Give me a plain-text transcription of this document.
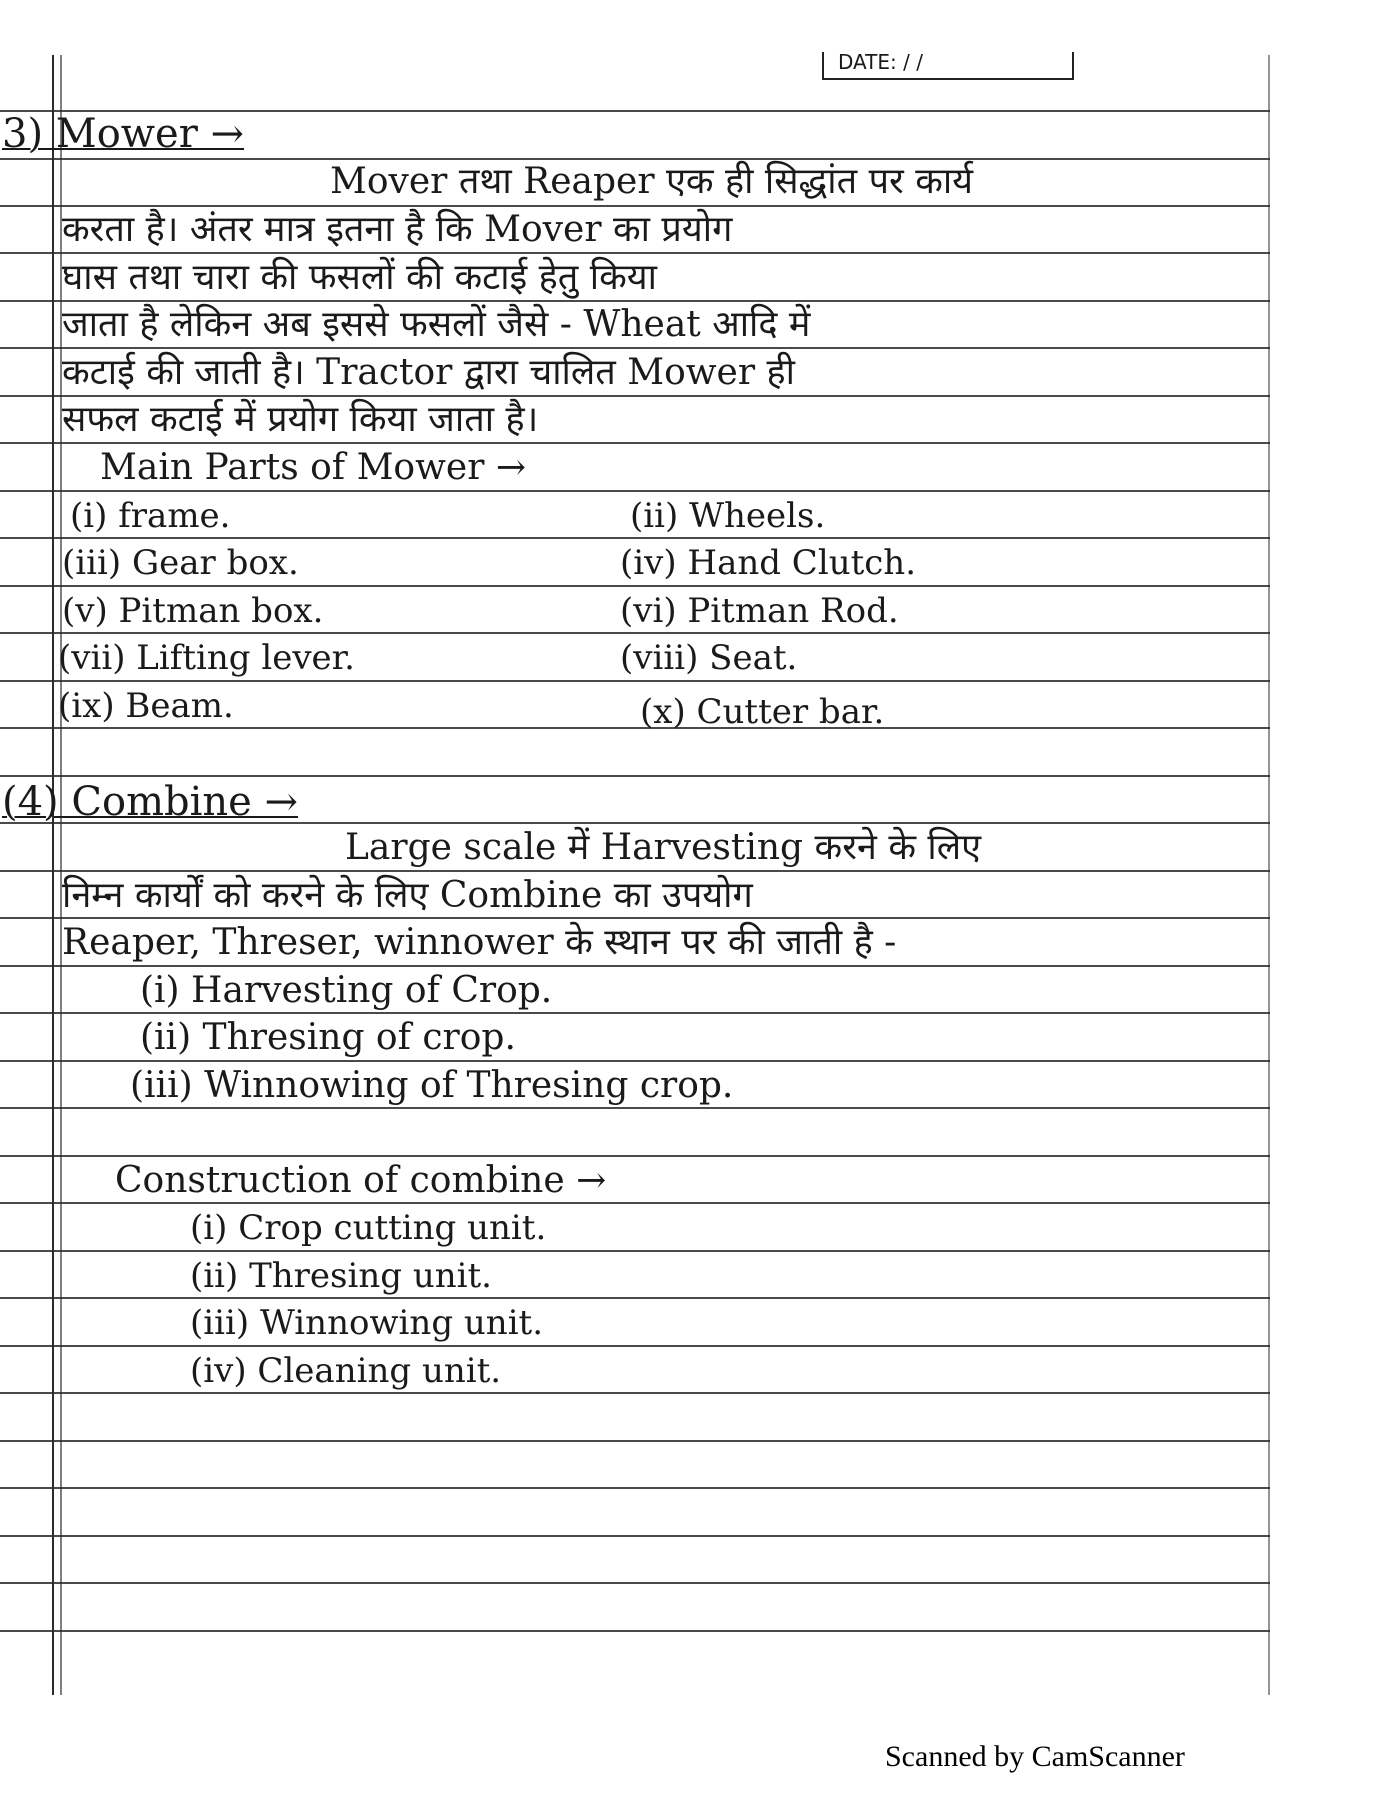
DATE: / /
3) Mower →
Mover तथा Reaper एक ही सिद्धांत पर कार्य
करता है। अंतर मात्र इतना है कि Mover का प्रयोग
घास तथा चारा की फसलों की कटाई हेतु किया
जाता है लेकिन अब इससे फसलों जैसे - Wheat आदि में
कटाई की जाती है। Tractor द्वारा चालित Mower ही
सफल कटाई में प्रयोग किया जाता है।
Main Parts of Mower →
(i) frame.	(ii) Wheels.
(iii) Gear box.	(iv) Hand Clutch.
(v) Pitman box.	(vi) Pitman Rod.
(vii) Lifting lever.	(viii) Seat.
(ix) Beam.	(x) Cutter bar.
(4) Combine →
Large scale में Harvesting करने के लिए
निम्न कार्यों को करने के लिए Combine का उपयोग
Reaper, Threser, winnower के स्थान पर की जाती है -
(i) Harvesting of Crop.
(ii) Thresing of crop.
(iii) Winnowing of Thresing crop.
Construction of combine →
(i) Crop cutting unit.
(ii) Thresing unit.
(iii) Winnowing unit.
(iv) Cleaning unit.
Scanned by CamScanner
